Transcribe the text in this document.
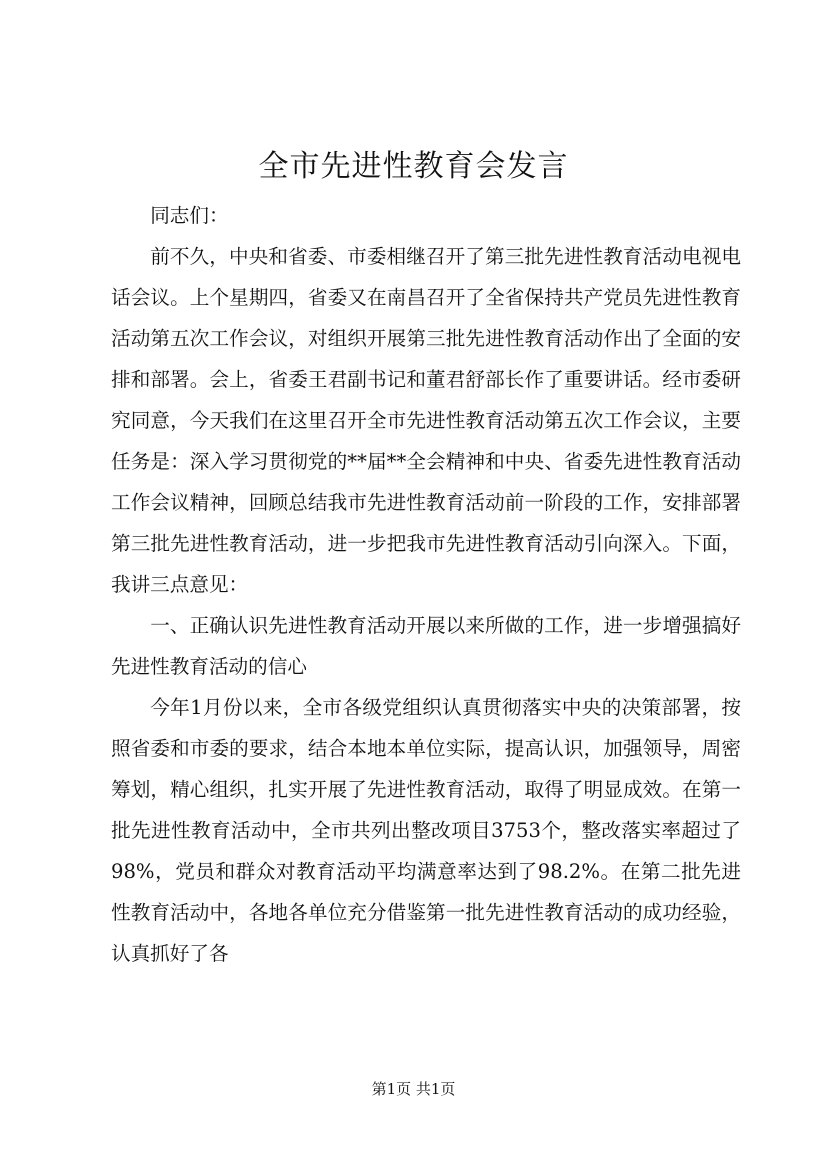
全市先进性教育会发言

同志们：

前不久，中央和省委、市委相继召开了第三批先进性教育活动电视电话会议。上个星期四，省委又在南昌召开了全省保持共产党员先进性教育活动第五次工作会议，对组织开展第三批先进性教育活动作出了全面的安排和部署。会上，省委王君副书记和董君舒部长作了重要讲话。经市委研究同意，今天我们在这里召开全市先进性教育活动第五次工作会议，主要任务是：深入学习贯彻党的**届**全会精神和中央、省委先进性教育活动工作会议精神，回顾总结我市先进性教育活动前一阶段的工作，安排部署第三批先进性教育活动，进一步把我市先进性教育活动引向深入。下面，我讲三点意见：

一、正确认识先进性教育活动开展以来所做的工作，进一步增强搞好先进性教育活动的信心

今年1月份以来，全市各级党组织认真贯彻落实中央的决策部署，按照省委和市委的要求，结合本地本单位实际，提高认识，加强领导，周密筹划，精心组织，扎实开展了先进性教育活动，取得了明显成效。在第一批先进性教育活动中，全市共列出整改项目3753个，整改落实率超过了98%，党员和群众对教育活动平均满意率达到了98.2%。在第二批先进性教育活动中，各地各单位充分借鉴第一批先进性教育活动的成功经验，认真抓好了各

第1页 共1页
